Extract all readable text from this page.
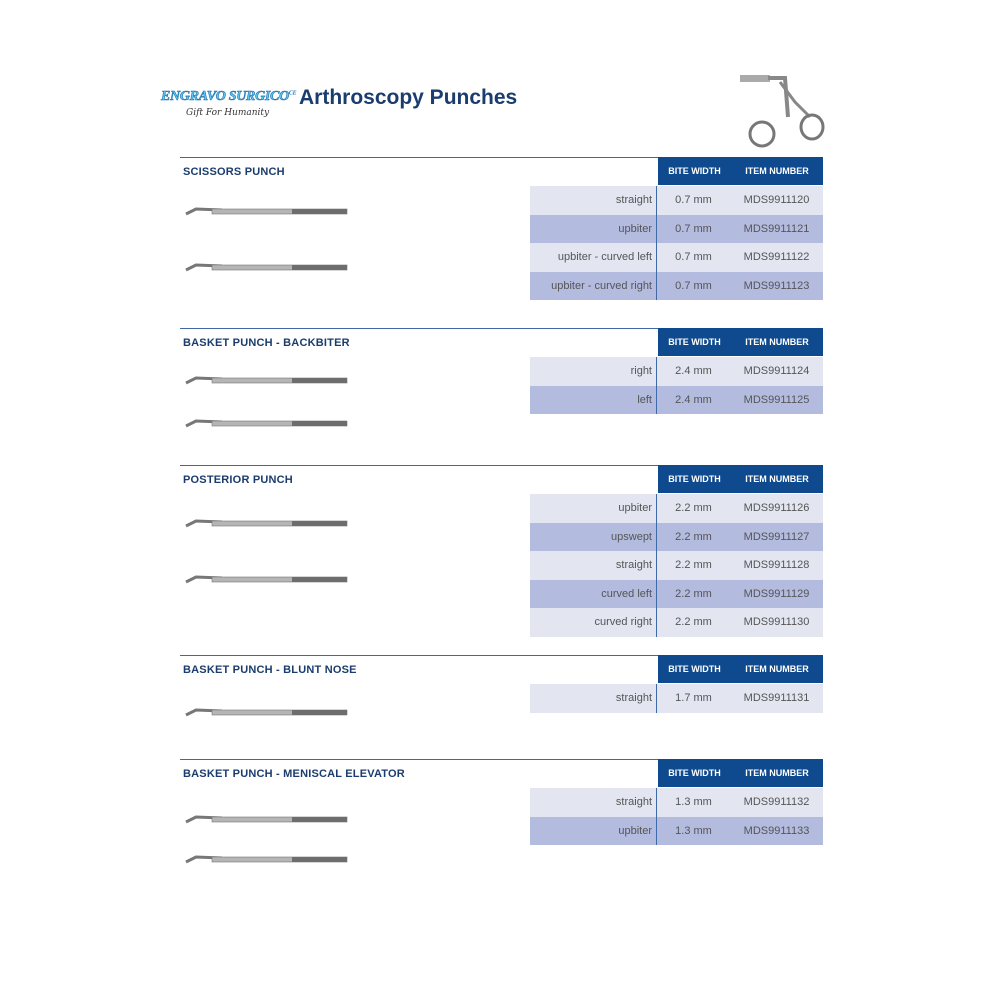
ENGRAVO $SURGICO^{CE}$
Gift For Humanity
Arthroscopy Punches
SCISSORS PUNCH	BITE WIDTH	ITEM NUMBER
straight	0.7 mm	MDS9911120
upbiter	0.7 mm	MDS9911121
upbiter - curved left	0.7 mm	MDS9911122
upbiter - curved right	0.7 mm	MDS9911123
BASKET PUNCH - BACKBITER	BITE WIDTH	ITEM NUMBER
right	2.4 mm	MDS9911124
left	2.4 mm	MDS9911125
POSTERIOR PUNCH	BITE WIDTH	ITEM NUMBER
upbiter	2.2 mm	MDS9911126
upswept	2.2 mm	MDS9911127
straight	2.2 mm	MDS9911128
curved left	2.2 mm	MDS9911129
curved right	2.2 mm	MDS9911130
BASKET PUNCH - BLUNT NOSE	BITE WIDTH	ITEM NUMBER
straight	1.7 mm	MDS9911131
BASKET PUNCH - MENISCAL ELEVATOR	BITE WIDTH	ITEM NUMBER
straight	1.3 mm	MDS9911132
upbiter	1.3 mm	MDS9911133
